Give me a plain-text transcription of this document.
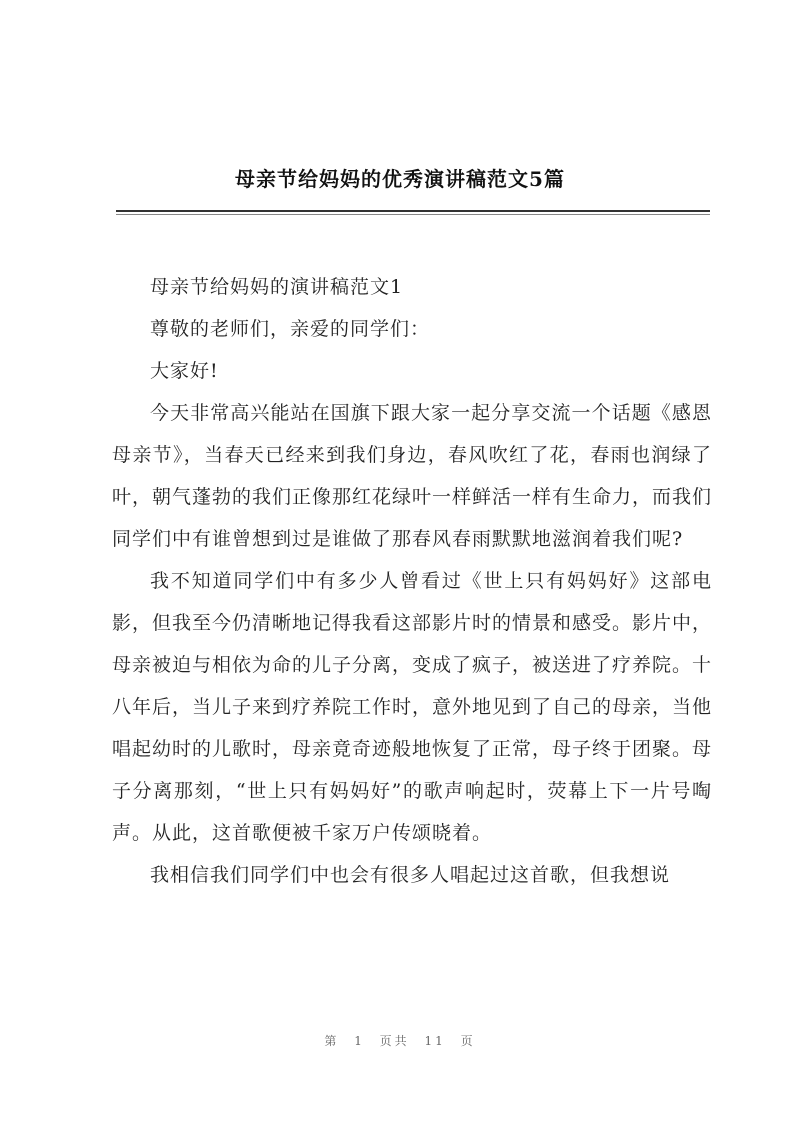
母亲节给妈妈的优秀演讲稿范文5篇

母亲节给妈妈的演讲稿范文1

尊敬的老师们，亲爱的同学们：

大家好!

今天非常高兴能站在国旗下跟大家一起分享交流一个话题《感恩母亲节》，当春天已经来到我们身边，春风吹红了花，春雨也润绿了叶，朝气蓬勃的我们正像那红花绿叶一样鲜活一样有生命力，而我们同学们中有谁曾想到过是谁做了那春风春雨默默地滋润着我们呢?

我不知道同学们中有多少人曾看过《世上只有妈妈好》这部电影，但我至今仍清晰地记得我看这部影片时的情景和感受。影片中，母亲被迫与相依为命的儿子分离，变成了疯子，被送进了疗养院。十八年后，当儿子来到疗养院工作时，意外地见到了自己的母亲，当他唱起幼时的儿歌时，母亲竟奇迹般地恢复了正常，母子终于团聚。母子分离那刻，“世上只有妈妈好”的歌声响起时，荧幕上下一片号啕声。从此，这首歌便被千家万户传颂晓着。

我相信我们同学们中也会有很多人唱起过这首歌，但我想说

第 1 页共 11 页
